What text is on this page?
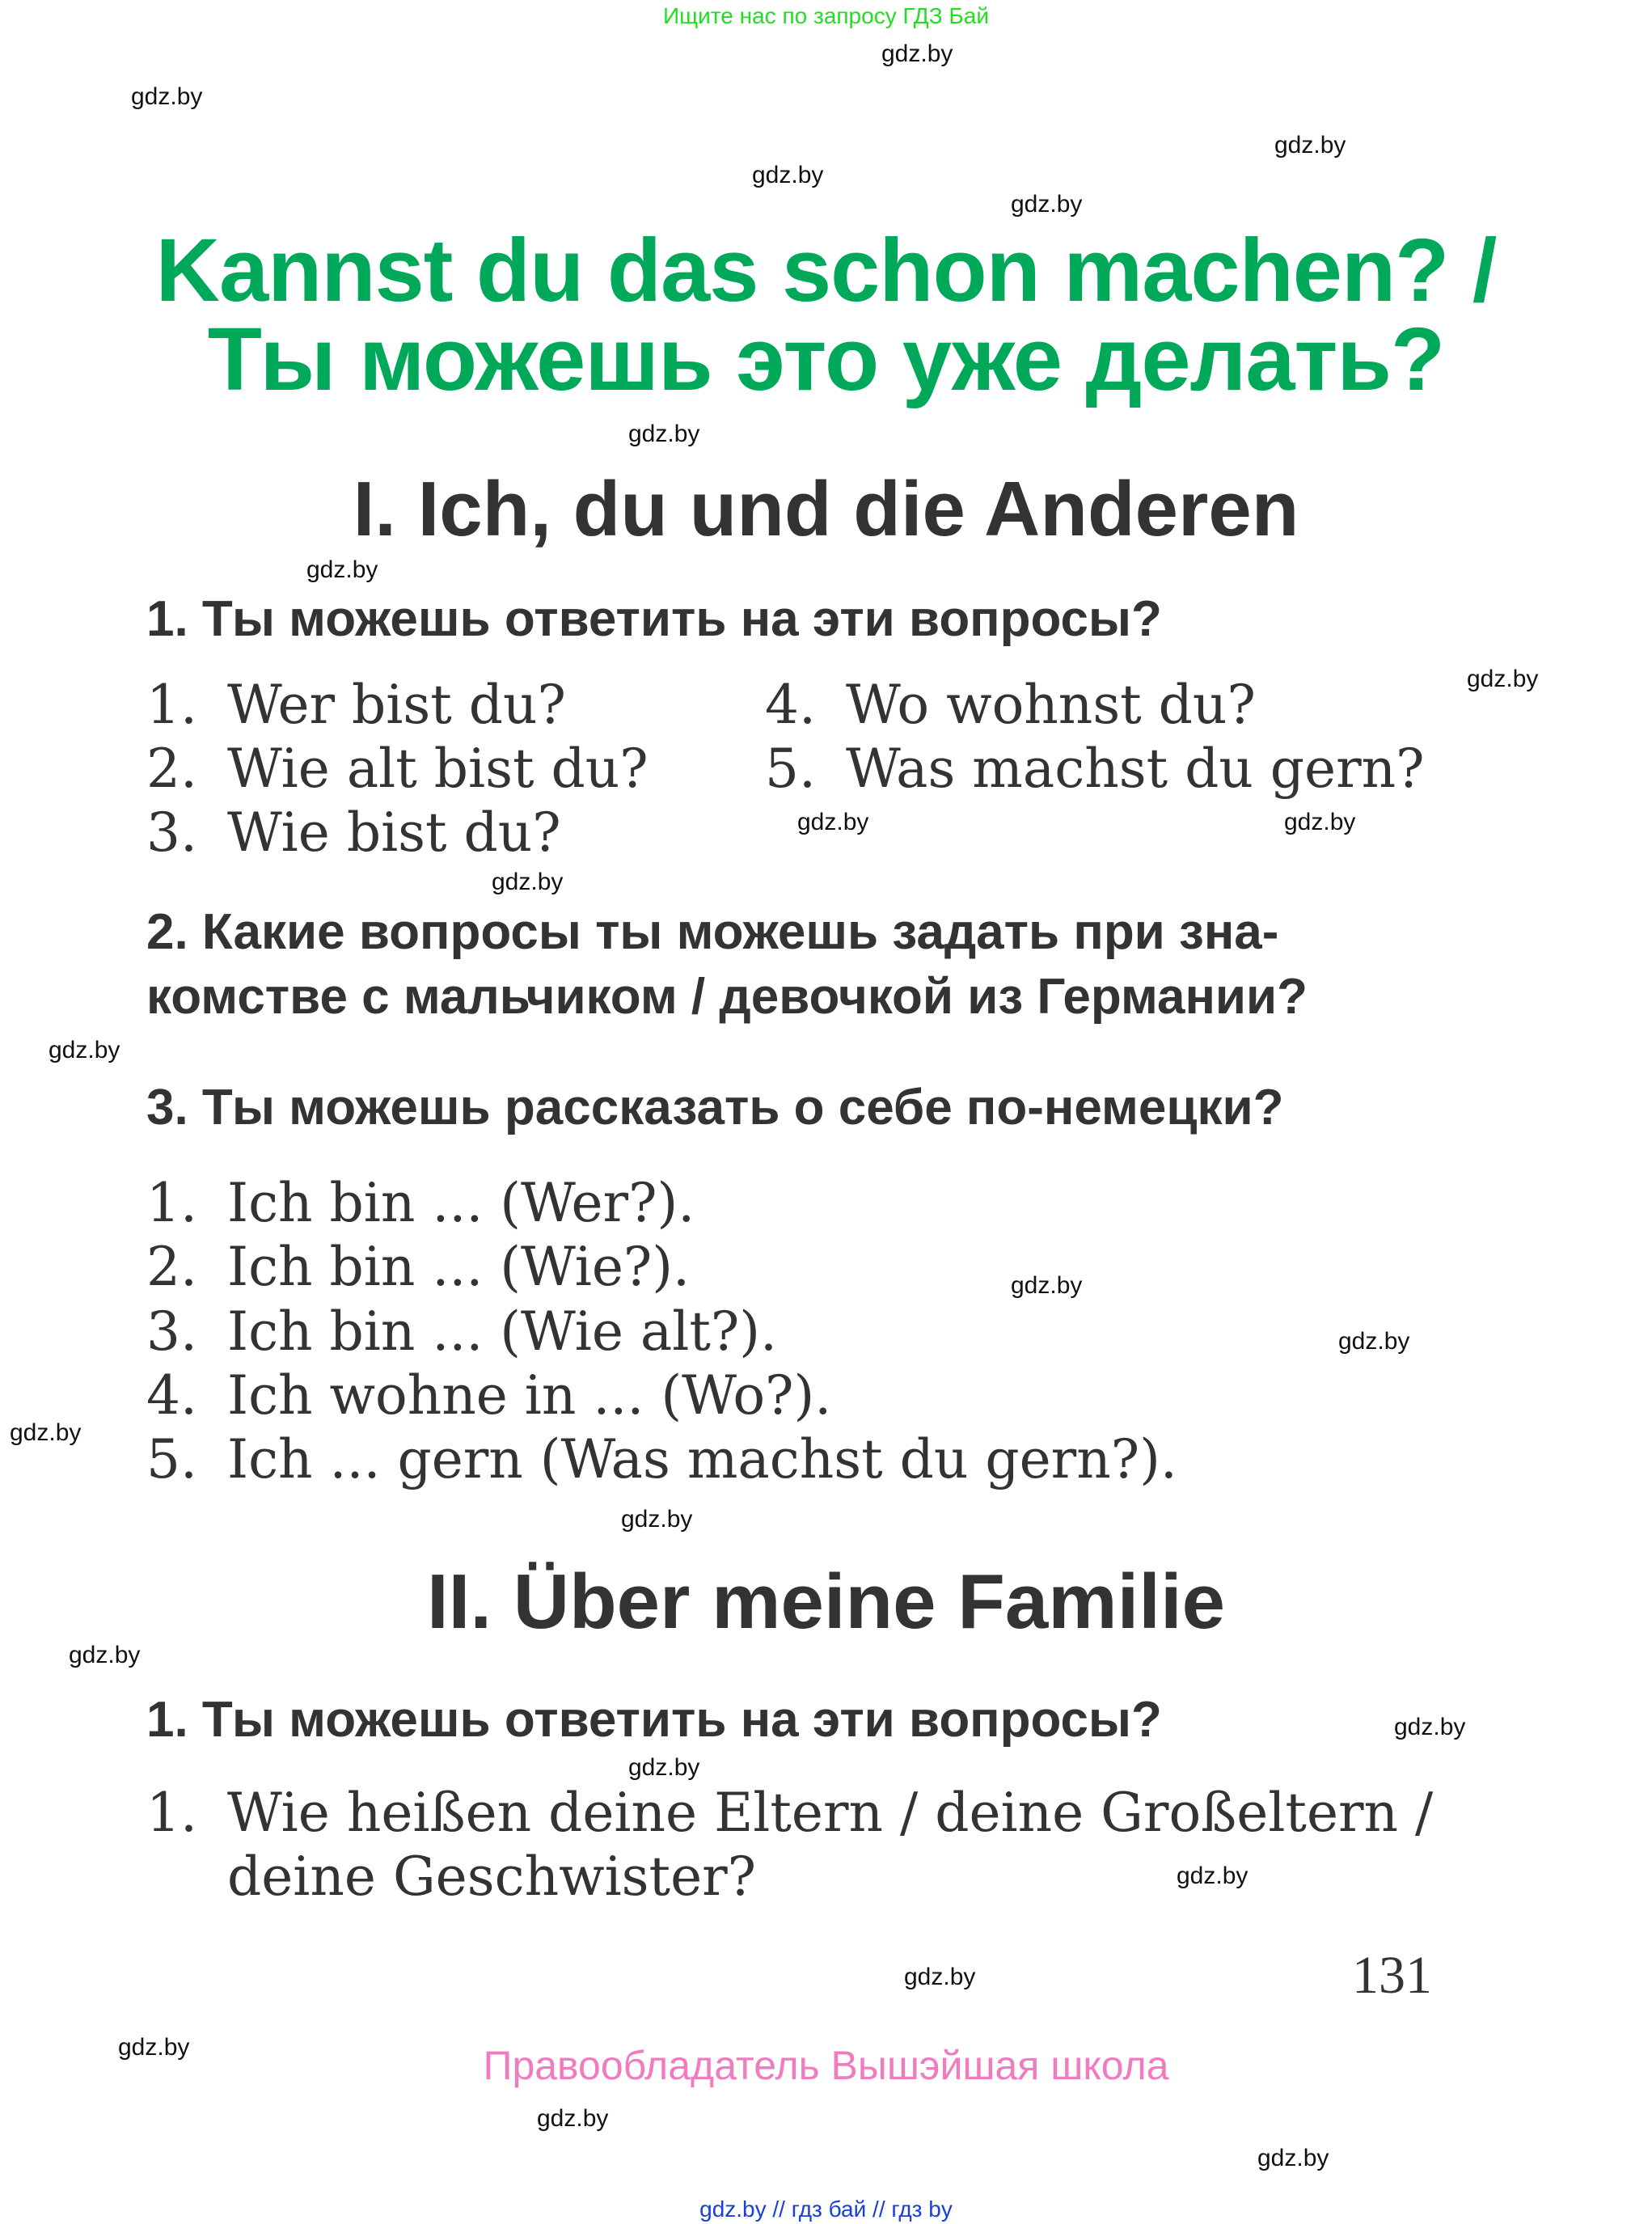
Ищите нас по запросу ГДЗ Бай
Kannst du das schon machen? /
Ты можешь это уже делать?
I. Ich, du und die Anderen
1. Ты можешь ответить на эти вопросы?
1. Wer bist du?
2. Wie alt bist du?
3. Wie bist du?
4. Wo wohnst du?
5. Was machst du gern?
2. Какие вопросы ты можешь задать при зна-
комстве с мальчиком / девочкой из Германии?
3. Ты можешь рассказать о себе по-немецки?
1. Ich bin ... (Wer?).
2. Ich bin ... (Wie?).
3. Ich bin ... (Wie alt?).
4. Ich wohne in ... (Wo?).
5. Ich ... gern (Was machst du gern?).
II. Über meine Familie
1. Ты можешь ответить на эти вопросы?
1. Wie heißen deine Eltern / deine Großeltern /
deine Geschwister?
131
Правообладатель Вышэйшая школа
gdz.by // гдз бай // гдз by
gdz.by
gdz.by
gdz.by
gdz.by
gdz.by
gdz.by
gdz.by
gdz.by
gdz.by
gdz.by
gdz.by
gdz.by
gdz.by
gdz.by
gdz.by
gdz.by
gdz.by
gdz.by
gdz.by
gdz.by
gdz.by
gdz.by
gdz.by
gdz.by
